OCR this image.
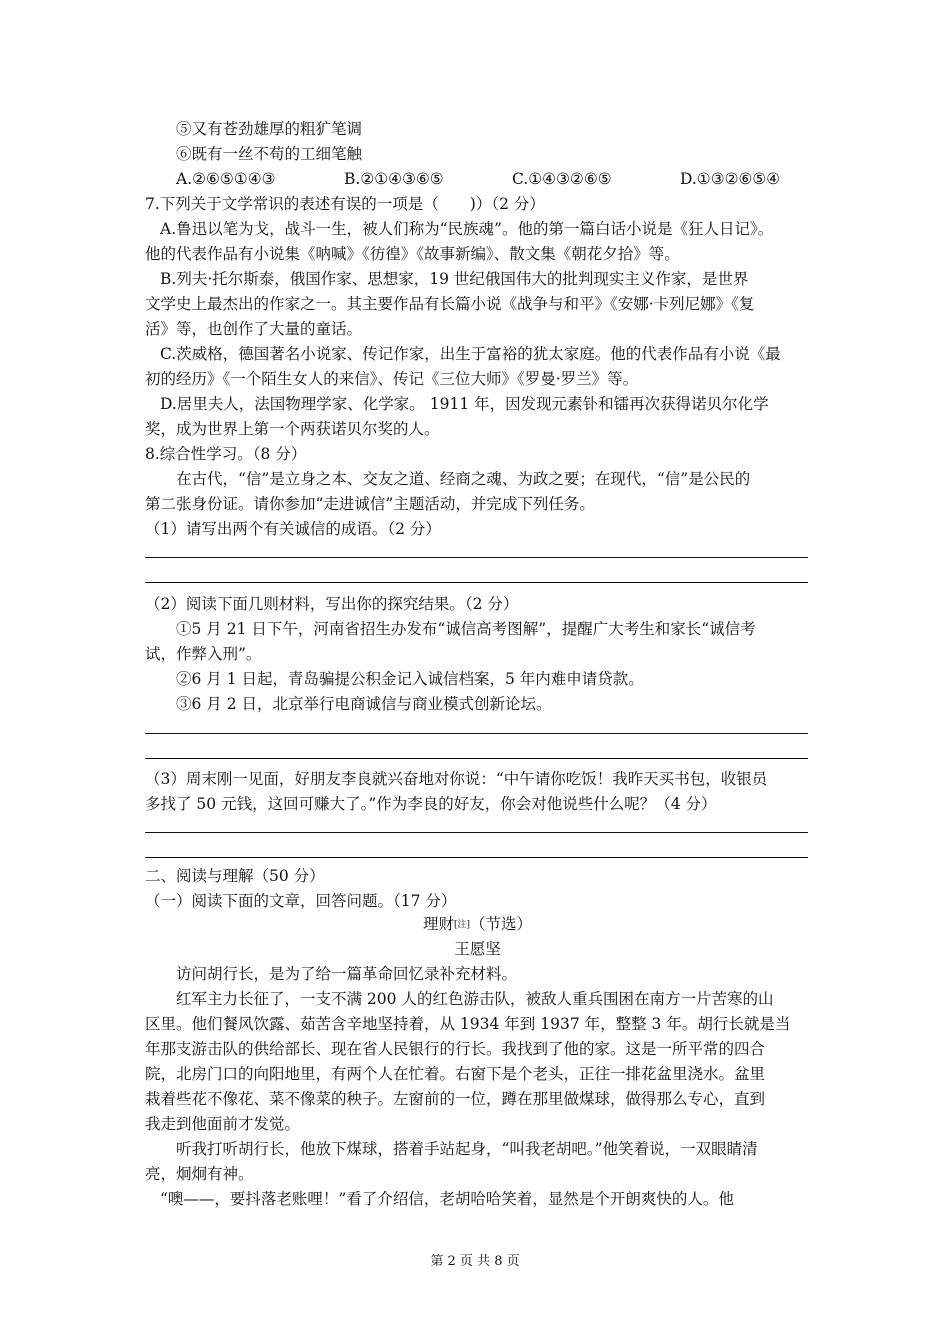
⑤又有苍劲雄厚的粗犷笔调
⑥既有一丝不苟的工细笔触
A.②⑥⑤①④③	B.②①④③⑥⑤	C.①④③②⑥⑤	D.①③②⑥⑤④
7.下列关于文学常识的表述有误的一项是（　　)）（2 分）
A.鲁迅以笔为戈，战斗一生，被人们称为“民族魂”。他的第一篇白话小说是《狂人日记》。
他的代表作品有小说集《呐喊》《彷徨》《故事新编》、散文集《朝花夕拾》等。
B.列夫·托尔斯泰，俄国作家、思想家，19 世纪俄国伟大的批判现实主义作家，是世界
文学史上最杰出的作家之一。其主要作品有长篇小说《战争与和平》《安娜·卡列尼娜》《复
活》等，也创作了大量的童话。
C.茨威格，德国著名小说家、传记作家，出生于富裕的犹太家庭。他的代表作品有小说《最
初的经历》《一个陌生女人的来信》、传记《三位大师》《罗曼·罗兰》等。
D.居里夫人，法国物理学家、化学家。 1911 年，因发现元素钋和镭再次获得诺贝尔化学
奖，成为世界上第一个两获诺贝尔奖的人。
8.综合性学习。（8 分）
在古代，“信”是立身之本、交友之道、经商之魂、为政之要；在现代，“信”是公民的
第二张身份证。请你参加“走进诚信”主题活动，并完成下列任务。
（1）请写出两个有关诚信的成语。（2 分）
（2）阅读下面几则材料，写出你的探究结果。（2 分）
①5 月 21 日下午，河南省招生办发布“诚信高考图解”，提醒广大考生和家长“诚信考
试，作弊入刑”。
②6 月 1 日起，青岛骗提公积金记入诚信档案，5 年内难申请贷款。
③6 月 2 日，北京举行电商诚信与商业模式创新论坛。
（3）周末刚一见面，好朋友李良就兴奋地对你说：“中午请你吃饭！我昨天买书包，收银员
多找了 50 元钱，这回可赚大了。”作为李良的好友，你会对他说些什么呢？（4 分）
二、阅读与理解（50 分）
（一）阅读下面的文章，回答问题。（17 分）
理财[注]（节选）
王愿坚
访问胡行长，是为了给一篇革命回忆录补充材料。
红军主力长征了，一支不满 200 人的红色游击队，被敌人重兵围困在南方一片苦寒的山
区里。他们餐风饮露、茹苦含辛地坚持着，从 1934 年到 1937 年，整整 3 年。胡行长就是当
年那支游击队的供给部长、现在省人民银行的行长。我找到了他的家。这是一所平常的四合
院，北房门口的向阳地里，有两个人在忙着。右窗下是个老头，正往一排花盆里浇水。盆里
栽着些花不像花、菜不像菜的秧子。左窗前的一位，蹲在那里做煤球，做得那么专心，直到
我走到他面前才发觉。
听我打听胡行长，他放下煤球，搭着手站起身，“叫我老胡吧。”他笑着说，一双眼睛清
亮，炯炯有神。
“噢——，要抖落老账哩！”看了介绍信，老胡哈哈笑着，显然是个开朗爽快的人。他
第 2 页 共 8 页
